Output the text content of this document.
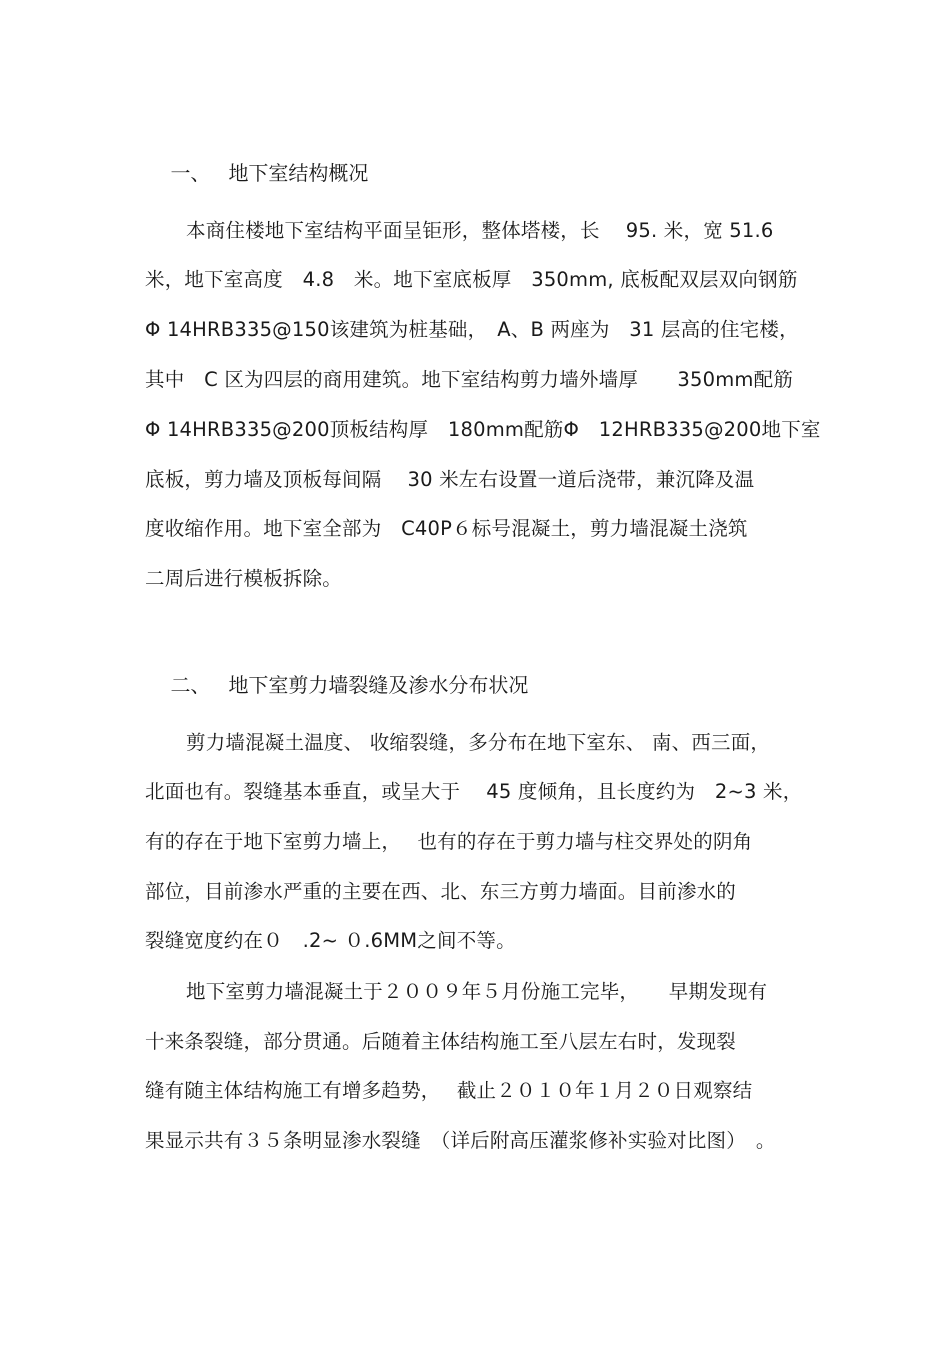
一、 地下室结构概况

本商住楼地下室结构平面呈钜形，整体塔楼，长　 95. 米，宽 51.6
米，地下室高度　4.8　米。地下室底板厚　350mm, 底板配双层双向钢筋
Φ 14HRB335@150该建筑为桩基础，　A、B 两座为　31 层高的住宅楼，
其中　C 区为四层的商用建筑。地下室结构剪力墙外墙厚　　350mm配筋
Φ 14HRB335@200顶板结构厚　180mm配筋Φ　12HRB335@200地下室
底板，剪力墙及顶板每间隔　 30 米左右设置一道后浇带，兼沉降及温
度收缩作用。地下室全部为　C40P６标号混凝土，剪力墙混凝土浇筑
二周后进行模板拆除。

二、 地下室剪力墙裂缝及渗水分布状况

剪力墙混凝土温度、 收缩裂缝，多分布在地下室东、 南、西三面，
北面也有。裂缝基本垂直，或呈大于　 45 度倾角，且长度约为　2~3 米，
有的存在于地下室剪力墙上，　 也有的存在于剪力墙与柱交界处的阴角
部位，目前渗水严重的主要在西、北、东三方剪力墙面。目前渗水的
裂缝宽度约在０　.2~ ０.6MM之间不等。
地下室剪力墙混凝土于２００９年５月份施工完毕，　　早期发现有
十来条裂缝，部分贯通。后随着主体结构施工至八层左右时，发现裂
缝有随主体结构施工有增多趋势，　 截止２０１０年１月２０日观察结
果显示共有３５条明显渗水裂缝　（详后附高压灌浆修补实验对比图）　。
